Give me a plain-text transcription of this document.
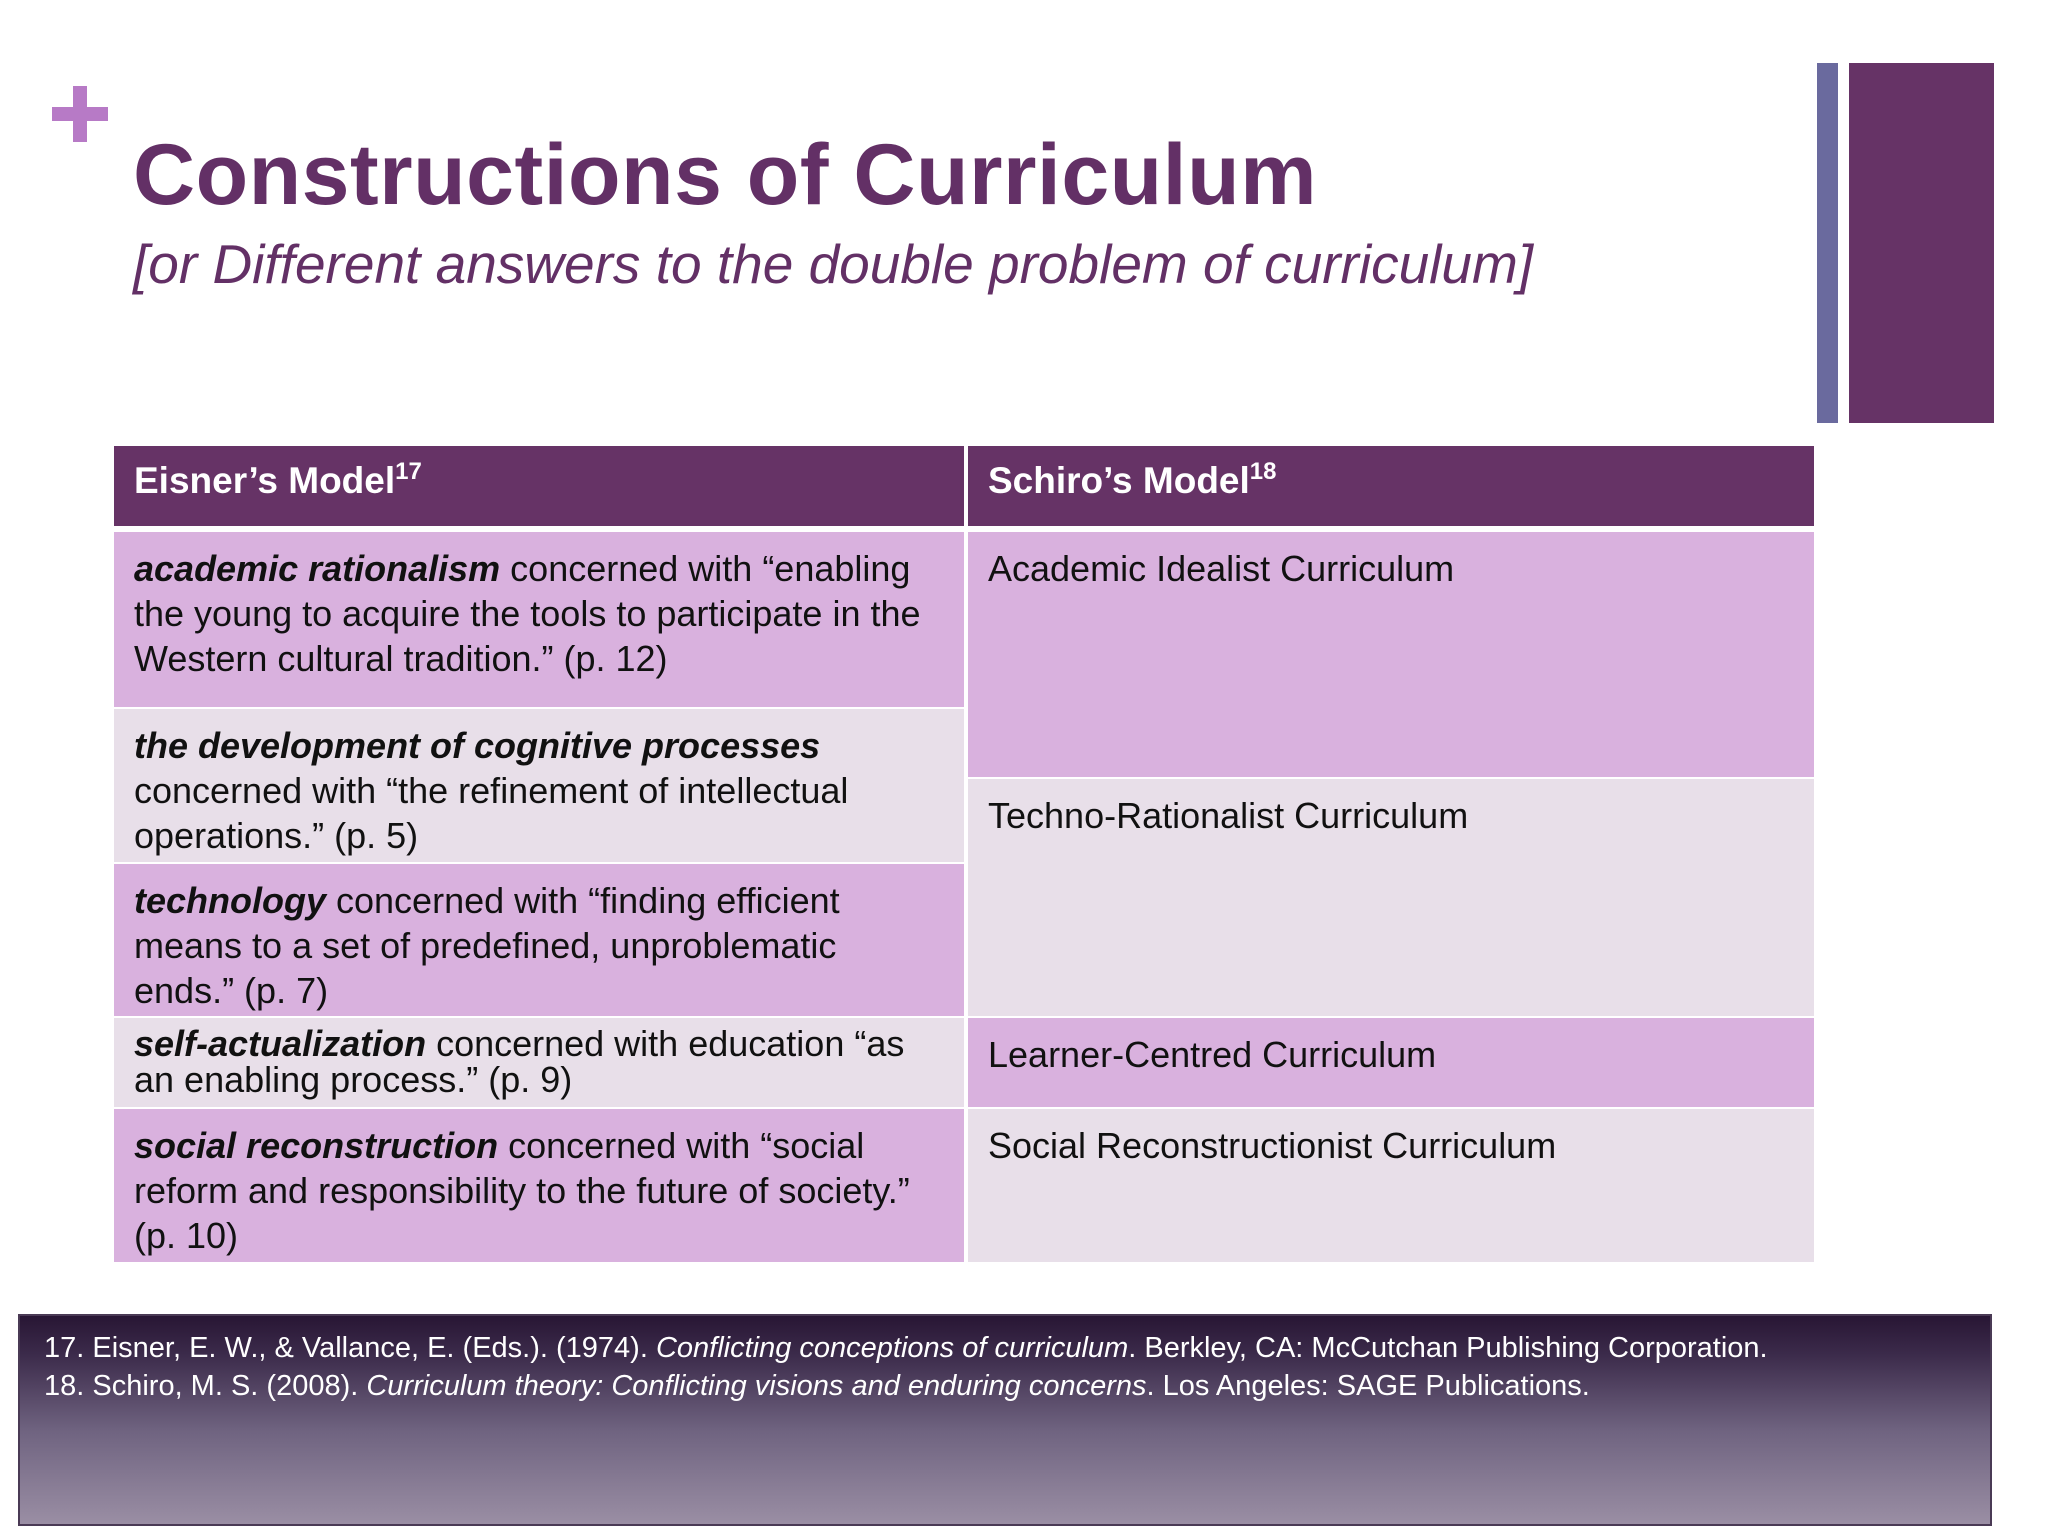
Constructions of Curriculum
[or Different answers to the double problem of curriculum]
Eisner’s Model$^{17}$	Schiro’s Model$^{18}$
academic rationalism concerned with “enabling the young to acquire the tools to participate in the Western cultural tradition.” (p. 12)
the development of cognitive processes concerned with “the refinement of intellectual operations.” (p. 5)
technology concerned with “finding efficient means to a set of predefined, unproblematic ends.” (p. 7)
self-actualization concerned with education “as an enabling process.” (p. 9)
social reconstruction concerned with “social reform and responsibility to the future of society.” (p. 10)
Academic Idealist Curriculum
Techno-Rationalist Curriculum
Learner-Centred Curriculum
Social Reconstructionist Curriculum
17. Eisner, E. W., & Vallance, E. (Eds.). (1974). Conflicting conceptions of curriculum. Berkley, CA: McCutchan Publishing Corporation.
18. Schiro, M. S. (2008). Curriculum theory: Conflicting visions and enduring concerns. Los Angeles: SAGE Publications.
